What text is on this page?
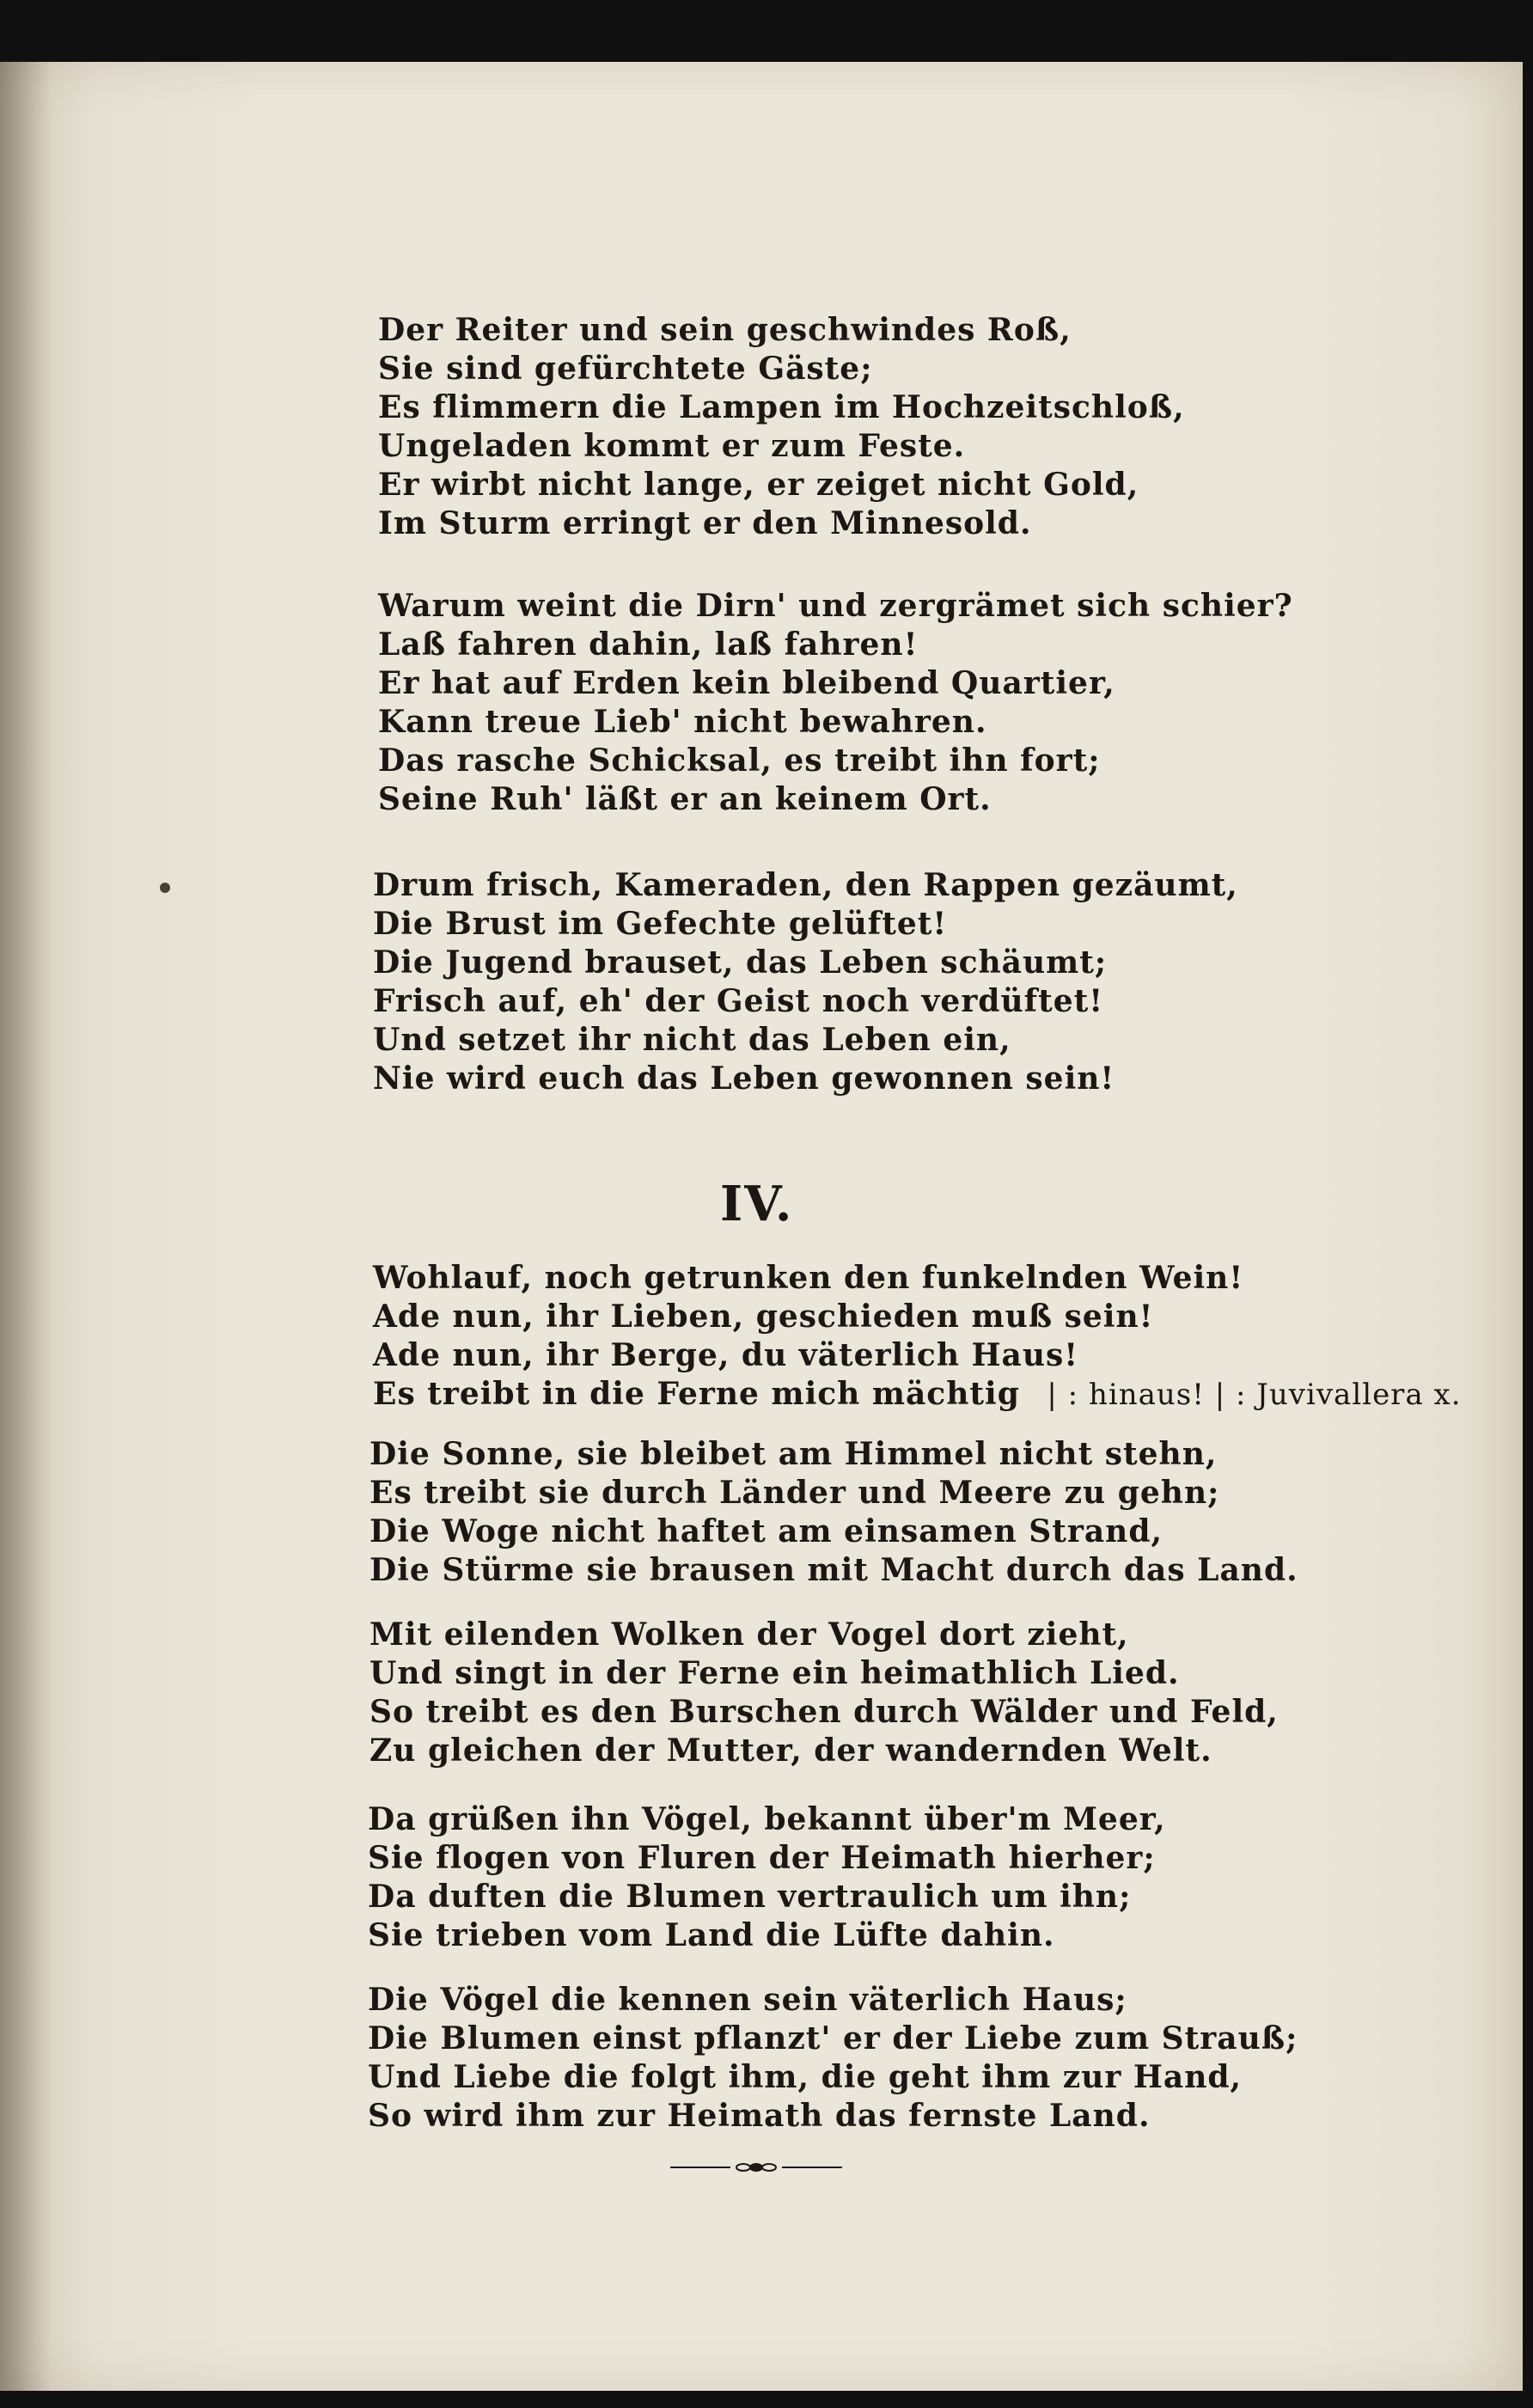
Der Reiter und sein geschwindes Roß,
Sie sind gefürchtete Gäste;
Es flimmern die Lampen im Hochzeitschloß,
Ungeladen kommt er zum Feste.
Er wirbt nicht lange, er zeiget nicht Gold,
Im Sturm erringt er den Minnesold.
Warum weint die Dirn' und zergrämet sich schier?
Laß fahren dahin, laß fahren!
Er hat auf Erden kein bleibend Quartier,
Kann treue Lieb' nicht bewahren.
Das rasche Schicksal, es treibt ihn fort;
Seine Ruh' läßt er an keinem Ort.
Drum frisch, Kameraden, den Rappen gezäumt,
Die Brust im Gefechte gelüftet!
Die Jugend brauset, das Leben schäumt;
Frisch auf, eh' der Geist noch verdüftet!
Und setzet ihr nicht das Leben ein,
Nie wird euch das Leben gewonnen sein!
IV.
Wohlauf, noch getrunken den funkelnden Wein!
Ade nun, ihr Lieben, geschieden muß sein!
Ade nun, ihr Berge, du väterlich Haus!
Es treibt in die Ferne mich mächtig | : hinaus! | : Juvivallera x.
Die Sonne, sie bleibet am Himmel nicht stehn,
Es treibt sie durch Länder und Meere zu gehn;
Die Woge nicht haftet am einsamen Strand,
Die Stürme sie brausen mit Macht durch das Land.
Mit eilenden Wolken der Vogel dort zieht,
Und singt in der Ferne ein heimathlich Lied.
So treibt es den Burschen durch Wälder und Feld,
Zu gleichen der Mutter, der wandernden Welt.
Da grüßen ihn Vögel, bekannt über'm Meer,
Sie flogen von Fluren der Heimath hierher;
Da duften die Blumen vertraulich um ihn;
Sie trieben vom Land die Lüfte dahin.
Die Vögel die kennen sein väterlich Haus;
Die Blumen einst pflanzt' er der Liebe zum Strauß;
Und Liebe die folgt ihm, die geht ihm zur Hand,
So wird ihm zur Heimath das fernste Land.
